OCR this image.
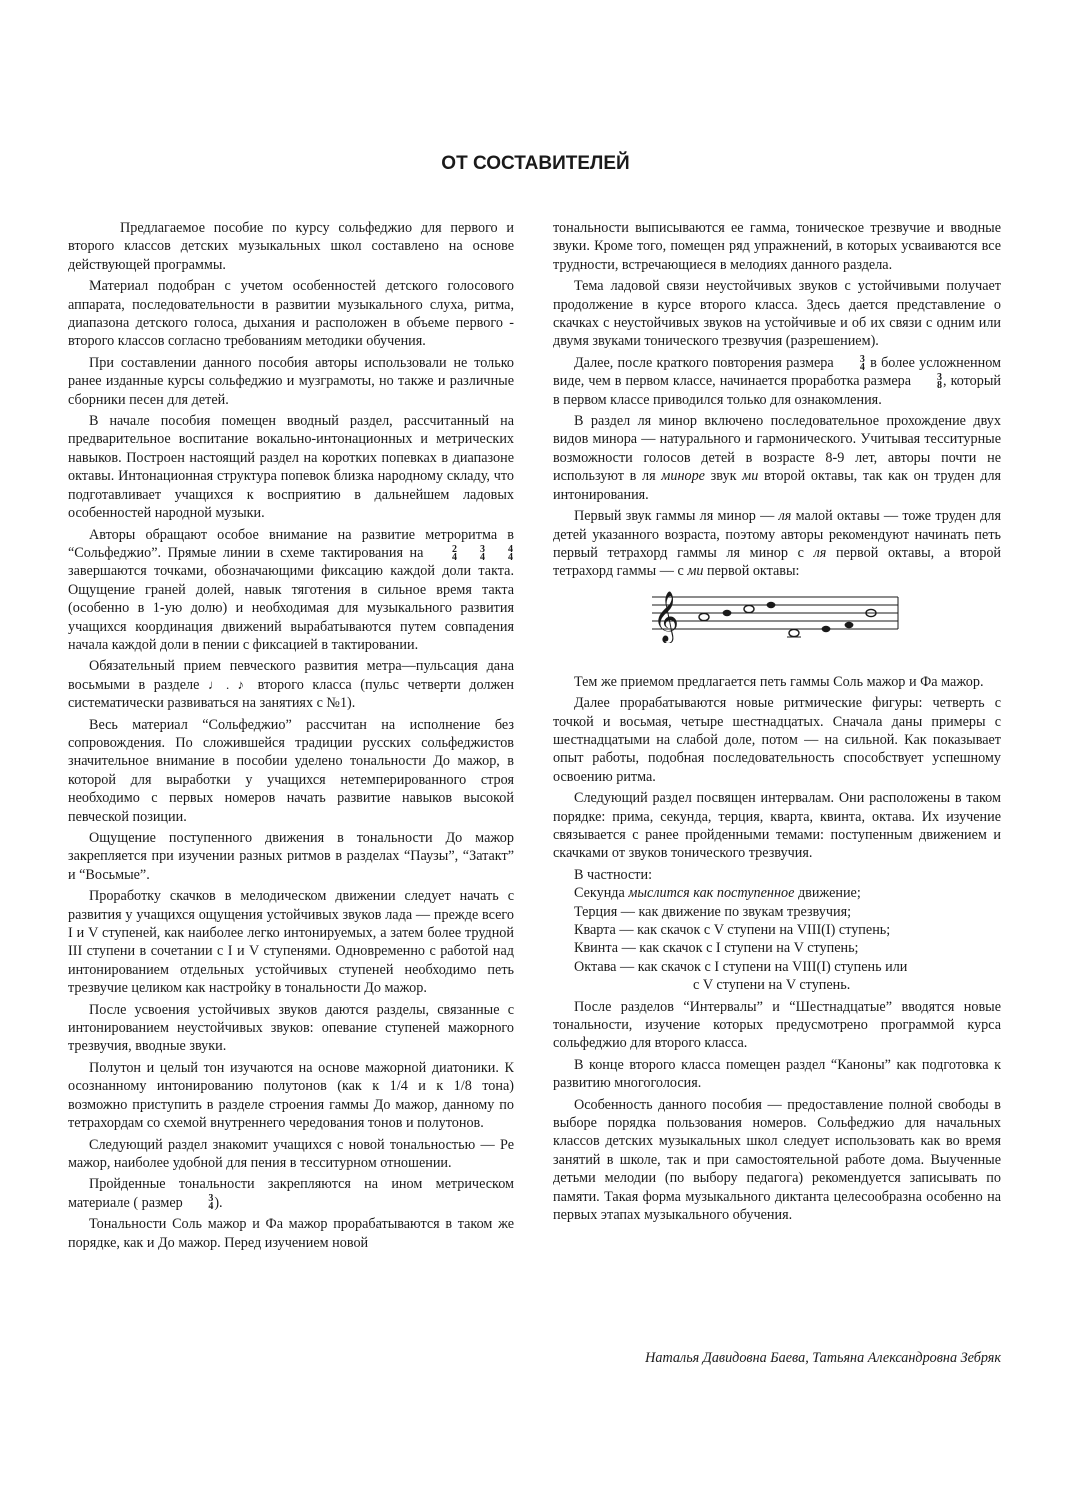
ОТ СОСТАВИТЕЛЕЙ

Предлагаемое пособие по курсу сольфеджио для первого и второго классов детских музыкальных школ составлено на основе действующей программы.

Материал подобран с учетом особенностей детского голосового аппарата, последовательности в развитии музыкального слуха, ритма, диапазона детского голоса, дыхания и расположен в объеме первого - второго классов согласно требованиям методики обучения.

При составлении данного пособия авторы использовали не только ранее изданные курсы сольфеджио и музграмоты, но также и различные сборники песен для детей.

В начале пособия помещен вводный раздел, рассчитанный на предварительное воспитание вокально-интонационных и метрических навыков. Построен настоящий раздел на коротких попевках в диапазоне октавы. Интонационная структура попевок близка народному складу, что подготавливает учащихся к восприятию в дальнейшем ладовых особенностей народной музыки.

Авторы обращают особое внимание на развитие метроритма в “Сольфеджио”. Прямые линии в схеме тактирования на	2
4
3
4
4
4
завершаются точками, обозначающими фиксацию каждой доли такта. Ощущение граней долей, навык тяготения в сильное время такта (особенно в 1-ую долю) и необходимая для музыкального развития учащихся координация движений вырабатываются путем совпадения начала каждой доли в пении с фиксацией в тактировании.

Обязательный прием певческого развития метра—пульсация дана восьмыми в разделе ♩. ♪ второго класса (пульс четверти должен систематически развиваться на занятиях с №1).

Весь материал “Сольфеджио” рассчитан на исполнение без сопровождения. По сложившейся традиции русских сольфеджистов значительное внимание в пособии уделено тональности До мажор, в которой для выработки у учащихся нетемперированного строя необходимо с первых номеров начать развитие навыков высокой певческой позиции.

Ощущение поступенного движения в тональности До мажор закрепляется при изучении разных ритмов в разделах “Паузы”, “Затакт” и “Восьмые”.

Проработку скачков в мелодическом движении следует начать с развития у учащихся ощущения устойчивых звуков лада — прежде всего I и V ступеней, как наиболее легко интонируемых, а затем более трудной III ступени в сочетании с I и V ступенями. Одновременно с работой над интонированием отдельных устойчивых ступеней необходимо петь трезвучие целиком как настройку в тональности До мажор.

После усвоения устойчивых звуков даются разделы, связанные с интонированием неустойчивых звуков: опевание ступеней мажорного трезвучия, вводные звуки.

Полутон и целый тон изучаются на основе мажорной диатоники. К осознанному интонированию полутонов (как к 1/4 и к 1/8 тона) возможно приступить в разделе строения гаммы До мажор, данному по тетрахордам со схемой внутреннего чередования тонов и полутонов.

Следующий раздел знакомит учащихся с новой тональностью — Ре мажор, наиболее удобной для пения в тесситурном отношении.

Пройденные тональности закрепляются на ином метрическом материале ( размер	3
4 ).

Тональности Соль мажор и Фа мажор прорабатываются в таком же порядке, как и До мажор. Перед изучением новой

тональности выписываются ее гамма, тоническое трезвучие и вводные звуки. Кроме того, помещен ряд упражнений, в которых усваиваются все трудности, встречающиеся в мелодиях данного раздела.

Тема ладовой связи неустойчивых звуков с устойчивыми получает продолжение в курсе второго класса. Здесь дается представление о скачках с неустойчивых звуков на устойчивые и об их связи с одним или двумя звуками тонического трезвучия (разрешением).

Далее, после краткого повторения размера	3
4 в более усложненном виде, чем в первом классе, начинается проработка размера	3
8 , который в первом классе приводился только для ознакомления.

В раздел ля минор включено последовательное прохождение двух видов минора — натурального и гармонического. Учитывая тесситурные возможности голосов детей в возрасте 8-9 лет, авторы почти не используют в ля миноре звук ми второй октавы, так как он труден для интонирования.

Первый звук гаммы ля минор — ля малой октавы — тоже труден для детей указанного возраста, поэтому авторы рекомендуют начинать петь первый тетрахорд гаммы ля минор с ля первой октавы, а второй тетрахорд гаммы — с ми первой октавы:

𝄞

Тем же приемом предлагается петь гаммы Соль мажор и Фа мажор.

Далее прорабатываются новые ритмические фигуры: четверть с точкой и восьмая, четыре шестнадцатых. Сначала даны примеры с шестнадцатыми на слабой доле, потом — на сильной. Как показывает опыт работы, подобная последовательность способствует успешному освоению ритма.

Следующий раздел посвящен интервалам. Они расположены в таком порядке: прима, секунда, терция, кварта, квинта, октава. Их изучение связывается с ранее пройденными темами: поступенным движением и скачками от звуков тонического трезвучия.

В частности:

Секунда мыслится как поступенное движение;

Терция — как движение по звукам трезвучия;

Кварта — как скачок с V ступени на VIII(I) ступень;

Квинта — как скачок с I ступени на V ступень;

Октава — как скачок с I ступени на VIII(I) ступень или

с V ступени на V ступень.

После разделов “Интервалы” и “Шестнадцатые” вводятся новые тональности, изучение которых предусмотрено программой курса сольфеджио для второго класса.

В конце второго класса помещен раздел “Каноны” как подготовка к развитию многоголосия.

Особенность данного пособия — предоставление полной свободы в выборе порядка пользования номеров. Сольфеджио для начальных классов детских музыкальных школ следует использовать как во время занятий в школе, так и при самостоятельной работе дома. Выученные детьми мелодии (по выбору педагога) рекомендуется записывать по памяти. Такая форма музыкального диктанта целесообразна особенно на первых этапах музыкального обучения.

Наталья Давидовна Баева, Татьяна Александровна Зебряк
